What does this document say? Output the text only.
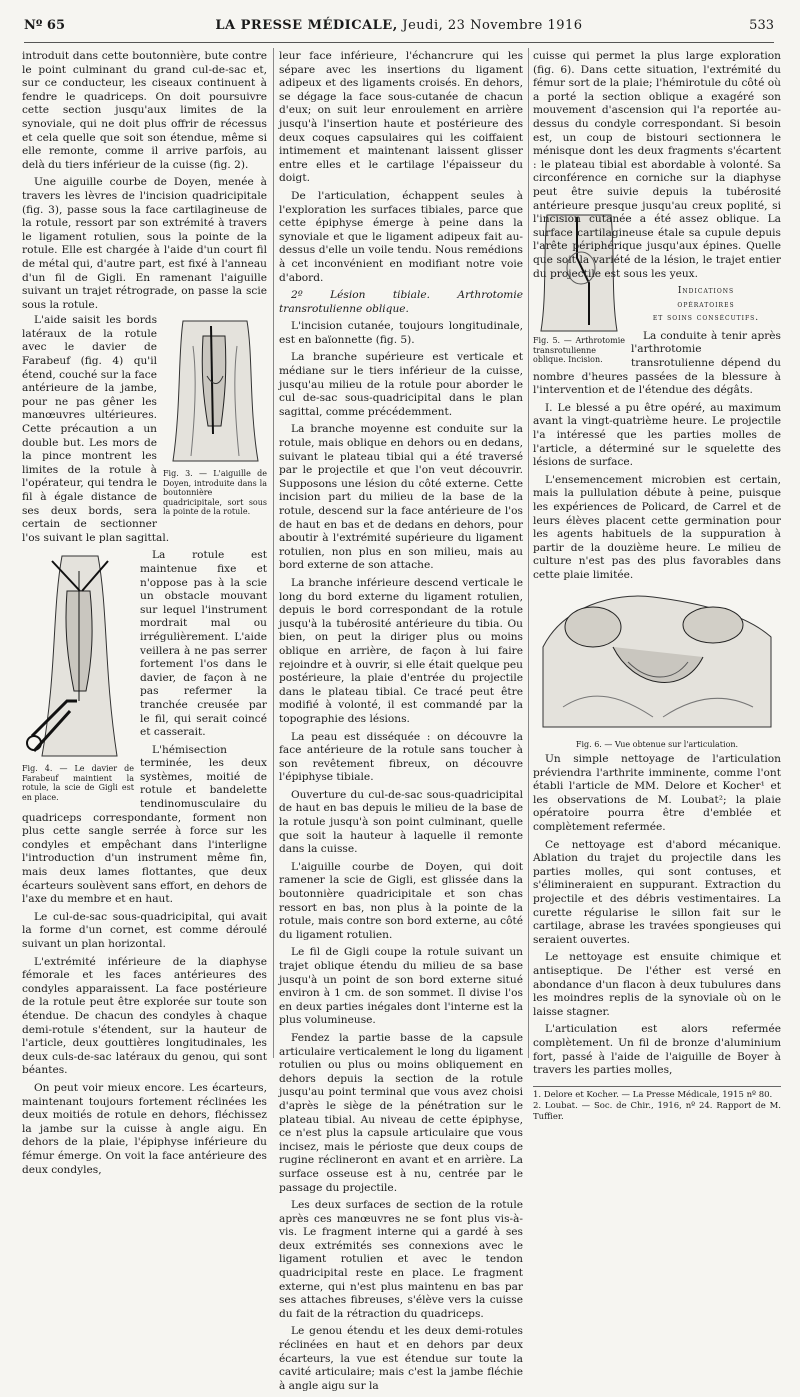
Nº 65	LA PRESSE MÉDICALE, Jeudi, 23 Novembre 1916	533

introduit dans cette boutonnière, bute contre le point culminant du grand cul-de-sac et, sur ce conducteur, les ciseaux continuent à fendre le quadriceps. On doit poursuivre cette section jusqu'aux limites de la synoviale, qui ne doit plus offrir de récessus et cela quelle que soit son étendue, même si elle remonte, comme il arrive parfois, au delà du tiers inférieur de la cuisse (fig. 2).

Une aiguille courbe de Doyen, menée à travers les lèvres de l'incision quadricipitale (fig. 3), passe sous la face cartilagineuse de la rotule, ressort par son extrémité à travers le ligament rotulien, sous la pointe de la rotule. Elle est chargée à l'aide d'un court fil de métal qui, d'autre part, est fixé à l'anneau d'un fil de Gigli. En ramenant l'aiguille suivant un trajet rétrograde, on passe la scie sous la rotule.

Fig. 3. — L'aiguille de Doyen, introduite dans la boutonnière quadricipitale, sort sous la pointe de la rotule.

L'aide saisit les bords latéraux de la rotule avec le davier de Farabeuf (fig. 4) qu'il étend, couché sur la face antérieure de la jambe, pour ne pas gêner les manœuvres ultérieures. Cette précaution a un double but. Les mors de la pince montrent les limites de la rotule à l'opérateur, qui tendra le fil à égale distance de ses deux bords, sera certain de sectionner l'os suivant le plan sagittal.

Fig. 4. — Le davier de Farabeuf maintient la rotule, la scie de Gigli est en place.

La rotule est maintenue fixe et n'oppose pas à la scie un obstacle mouvant sur lequel l'instrument mordrait mal ou irrégulièrement. L'aide veillera à ne pas serrer fortement l'os dans le davier, de façon à ne pas refermer la tranchée creusée par le fil, qui serait coincé et casserait.

L'hémisection terminée, les deux systèmes, moitié de rotule et bandelette tendinomusculaire du quadriceps correspondante, forment non plus cette sangle serrée à force sur les condyles et empêchant dans l'interligne l'introduction d'un instrument même fin, mais deux lames flottantes, que deux écarteurs soulèvent sans effort, en dehors de l'axe du membre et en haut.

Le cul-de-sac sous-quadricipital, qui avait la forme d'un cornet, est comme déroulé suivant un plan horizontal.

L'extrémité inférieure de la diaphyse fémorale et les faces antérieures des condyles apparaissent. La face postérieure de la rotule peut être explorée sur toute son étendue. De chacun des condyles à chaque demi-rotule s'étendent, sur la hauteur de l'article, deux gouttières longitudinales, les deux culs-de-sac latéraux du genou, qui sont béantes.

On peut voir mieux encore. Les écarteurs, maintenant toujours fortement réclinées les deux moitiés de rotule en dehors, fléchissez la jambe sur la cuisse à angle aigu. En dehors de la plaie, l'épiphyse inférieure du fémur émerge. On voit la face antérieure des deux condyles,

leur face inférieure, l'échancrure qui les sépare avec les insertions du ligament adipeux et des ligaments croisés. En dehors, se dégage la face sous-cutanée de chacun d'eux; on suit leur enroulement en arrière jusqu'à l'insertion haute et postérieure des deux coques capsulaires qui les coiffaient intimement et maintenant laissent glisser entre elles et le cartilage l'épaisseur du doigt.

De l'articulation, échappent seules à l'exploration les surfaces tibiales, parce que cette épiphyse émerge à peine dans la synoviale et que le ligament adipeux fait au-dessus d'elle un voile tendu. Nous remédions à cet inconvénient en modifiant notre voie d'abord.

2º Lésion tibiale. Arthrotomie transrotulienne oblique.

L'incision cutanée, toujours longitudinale, est en baïonnette (fig. 5).

La branche supérieure est verticale et médiane sur le tiers inférieur de la cuisse, jusqu'au milieu de la rotule pour aborder le cul de-sac sous-quadricipital dans le plan sagittal, comme précédemment.

La branche moyenne est conduite sur la rotule, mais oblique en dehors ou en dedans, suivant le plateau tibial qui a été traversé par le projectile et que l'on veut découvrir. Supposons une lésion du côté externe. Cette incision part du milieu de la base de la rotule, descend sur la face antérieure de l'os de haut en bas et de dedans en dehors, pour aboutir à l'extrémité supérieure du ligament rotulien, non plus en son milieu, mais au bord externe de son attache.

La branche inférieure descend verticale le long du bord externe du ligament rotulien, depuis le bord correspondant de la rotule jusqu'à la tubérosité antérieure du tibia. Ou bien, on peut la diriger plus ou moins oblique en arrière, de façon à lui faire rejoindre et à ouvrir, si elle était quelque peu postérieure, la plaie d'entrée du projectile dans le plateau tibial. Ce tracé peut être modifié à volonté, il est commandé par la topographie des lésions.

La peau est disséquée : on découvre la face antérieure de la rotule sans toucher à son revêtement fibreux, on découvre l'épiphyse tibiale.

Ouverture du cul-de-sac sous-quadricipital de haut en bas depuis le milieu de la base de la rotule jusqu'à son point culminant, quelle que soit la hauteur à laquelle il remonte dans la cuisse.

L'aiguille courbe de Doyen, qui doit ramener la scie de Gigli, est glissée dans la boutonnière quadricipitale et son chas ressort en bas, non plus à la pointe de la rotule, mais contre son bord externe, au côté du ligament rotulien.

Le fil de Gigli coupe la rotule suivant un trajet oblique étendu du milieu de sa base jusqu'à un point de son bord externe situé environ à 1 cm. de son sommet. Il divise l'os en deux parties inégales dont l'interne est la plus volumineuse.

Fendez la partie basse de la capsule articulaire verticalement le long du ligament rotulien ou plus ou moins obliquement en dehors depuis la section de la rotule jusqu'au point terminal que vous avez choisi d'après le siège de la pénétration sur le plateau tibial. Au niveau de cette épiphyse, ce n'est plus la capsule articulaire que vous incisez, mais le périoste que deux coups de rugine réclineront en avant et en arrière. La surface osseuse est à nu, centrée par le passage du projectile.

Les deux surfaces de section de la rotule après ces manœuvres ne se font plus vis-à-vis. Le fragment interne qui a gardé à ses deux extrémités ses connexions avec le ligament rotulien et avec le tendon quadricipital reste en place. Le fragment externe, qui n'est plus maintenu en bas par ses attaches fibreuses, s'élève vers la cuisse du fait de la rétraction du quadriceps.

Le genou étendu et les deux demi-rotules réclinées en haut et en dehors par deux écarteurs, la vue est étendue sur toute la cavité articulaire; mais c'est la jambe fléchie à angle aigu sur la

cuisse qui permet la plus large exploration (fig. 6). Dans cette situation, l'extrémité du fémur sort de la plaie; l'hémirotule du côté où a porté la section oblique a exagéré son mouvement d'ascension qui l'a reportée au-dessus du condyle correspondant. Si besoin est, un coup de bistouri sectionnera le ménisque dont les deux fragments s'écartent : le plateau tibial est abordable à volonté. Sa circonférence en corniche sur la diaphyse peut être suivie depuis la tubérosité antérieure presque jusqu'au creux poplité, si l'incision cutanée a été assez oblique. La surface cartilagineuse étale sa cupule depuis l'arête périphérique jusqu'aux épines. Quelle que soit la variété de la lésion, le trajet entier du projectile est sous les yeux.

Fig. 5. — Arthrotomie transrotulienne oblique. Incision.
Indications
opératoires
et soins consécutifs.

La conduite à tenir après l'arthrotomie transrotulienne dépend du nombre d'heures passées de la blessure à l'intervention et de l'étendue des dégâts.

I. Le blessé a pu être opéré, au maximum avant la vingt-quatrième heure. Le projectile l'a intéressé que les parties molles de l'article, a déterminé sur le squelette des lésions de surface.

L'ensemencement microbien est certain, mais la pullulation débute à peine, puisque les expériences de Policard, de Carrel et de leurs élèves placent cette germination pour les agents habituels de la suppuration à partir de la douzième heure. Le milieu de culture n'est pas des plus favorables dans cette plaie limitée.

Fig. 6. — Vue obtenue sur l'articulation.

Un simple nettoyage de l'articulation préviendra l'arthrite imminente, comme l'ont établi l'article de MM. Delore et Kocher¹ et les observations de M. Loubat²; la plaie opératoire pourra être d'emblée et complètement refermée.

Ce nettoyage est d'abord mécanique. Ablation du trajet du projectile dans les parties molles, qui sont contuses, et s'élimineraient en suppurant. Extraction du projectile et des débris vestimentaires. La curette régularise le sillon fait sur le cartilage, abrase les travées spongieuses qui seraient ouvertes.

Le nettoyage est ensuite chimique et antiseptique. De l'éther est versé en abondance d'un flacon à deux tubulures dans les moindres replis de la synoviale où on le laisse stagner.

L'articulation est alors refermée complètement. Un fil de bronze d'aluminium fort, passé à l'aide de l'aiguille de Boyer à travers les parties molles,

1. Delore et Kocher. — La Presse Médicale, 1915 nº 80.
2. Loubat. — Soc. de Chir., 1916, nº 24. Rapport de M. Tuffier.
